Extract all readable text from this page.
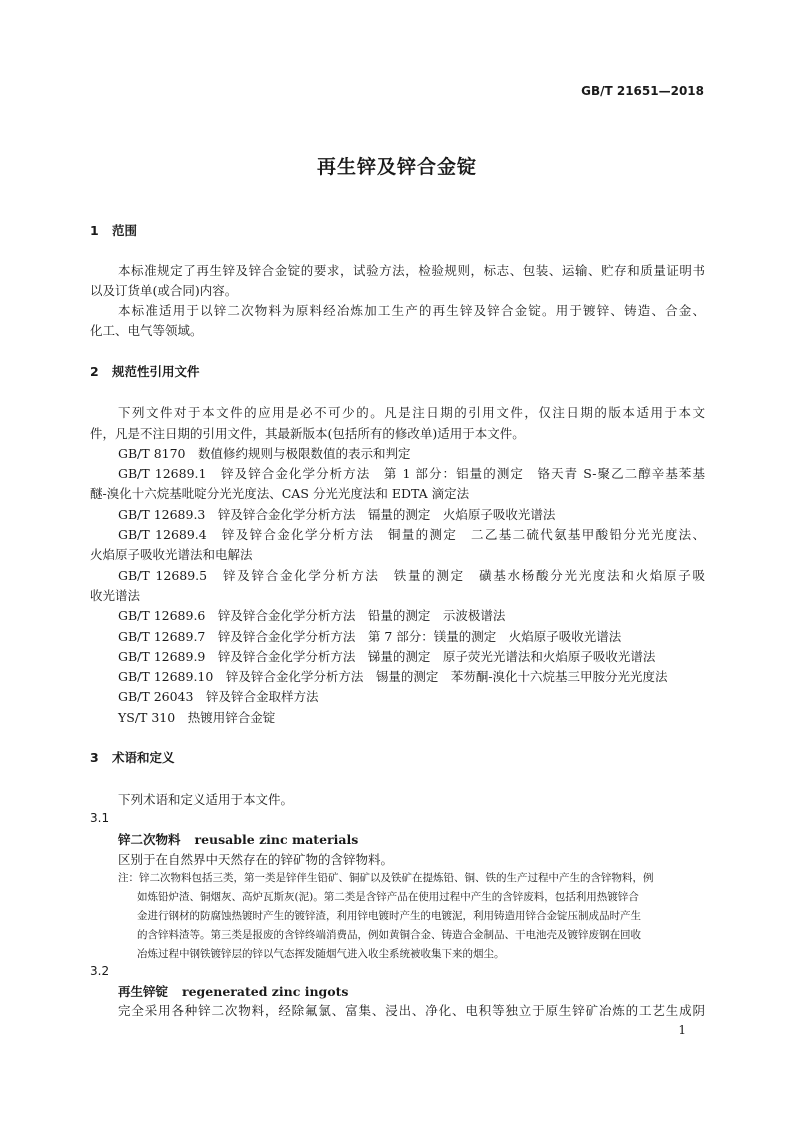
GB/T 21651—2018
再生锌及锌合金锭
1 范围
本标准规定了再生锌及锌合金锭的要求，试验方法，检验规则，标志、包装、运输、贮存和质量证明书
以及订货单(或合同)内容。
本标准适用于以锌二次物料为原料经冶炼加工生产的再生锌及锌合金锭。用于镀锌、铸造、合金、
化工、电气等领域。
2 规范性引用文件
下列文件对于本文件的应用是必不可少的。凡是注日期的引用文件，仅注日期的版本适用于本文
件，凡是不注日期的引用文件，其最新版本(包括所有的修改单)适用于本文件。
GB/T 8170　数值修约规则与极限数值的表示和判定
GB/T 12689.1　锌及锌合金化学分析方法　第 1 部分：铝量的测定　铬天青 S-聚乙二醇辛基苯基
醚-溴化十六烷基吡啶分光光度法、CAS 分光光度法和 EDTA 滴定法
GB/T 12689.3　锌及锌合金化学分析方法　镉量的测定　火焰原子吸收光谱法
GB/T 12689.4　锌及锌合金化学分析方法　铜量的测定　二乙基二硫代氨基甲酸铅分光光度法、
火焰原子吸收光谱法和电解法
GB/T 12689.5　锌及锌合金化学分析方法　铁量的测定　磺基水杨酸分光光度法和火焰原子吸
收光谱法
GB/T 12689.6　锌及锌合金化学分析方法　铅量的测定　示波极谱法
GB/T 12689.7　锌及锌合金化学分析方法　第 7 部分：镁量的测定　火焰原子吸收光谱法
GB/T 12689.9　锌及锌合金化学分析方法　锑量的测定　原子荧光光谱法和火焰原子吸收光谱法
GB/T 12689.10　锌及锌合金化学分析方法　锡量的测定　苯芴酮-溴化十六烷基三甲胺分光光度法
GB/T 26043　锌及锌合金取样方法
YS/T 310　热镀用锌合金锭
3 术语和定义
下列术语和定义适用于本文件。
3.1
锌二次物料 reusable zinc materials
区别于在自然界中天然存在的锌矿物的含锌物料。
注：锌二次物料包括三类，第一类是锌伴生铅矿、铜矿以及铁矿在提炼铅、铜、铁的生产过程中产生的含锌物料，例
如炼铅炉渣、铜烟灰、高炉瓦斯灰(泥)。第二类是含锌产品在使用过程中产生的含锌废料，包括利用热镀锌合
金进行钢材的防腐蚀热镀时产生的镀锌渣，利用锌电镀时产生的电镀泥，利用铸造用锌合金锭压制成品时产生
的含锌料渣等。第三类是报废的含锌终端消费品，例如黄铜合金、铸造合金制品、干电池壳及镀锌废钢在回收
冶炼过程中钢铁镀锌层的锌以气态挥发随烟气进入收尘系统被收集下来的烟尘。
3.2
再生锌锭 regenerated zinc ingots
完全采用各种锌二次物料，经除氟氯、富集、浸出、净化、电积等独立于原生锌矿冶炼的工艺生成阴
1
